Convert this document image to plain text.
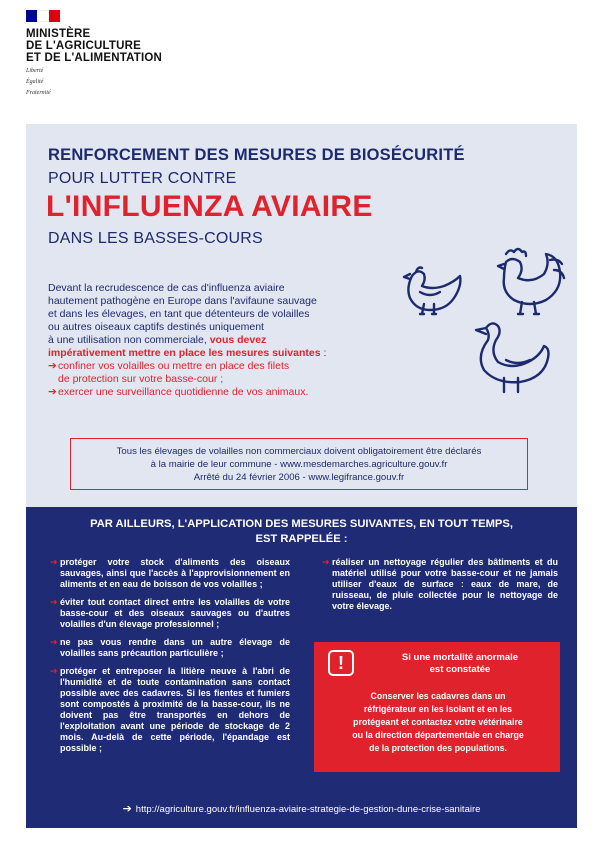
MINISTÈRE
DE L'AGRICULTURE
ET DE L'ALIMENTATION
Liberté
Égalité
Fraternité
RENFORCEMENT DES MESURES DE BIOSÉCURITÉ
POUR LUTTER CONTRE
L'INFLUENZA AVIAIRE
DANS LES BASSES-COURS
Devant la recrudescence de cas d'influenza aviaire
hautement pathogène en Europe dans l'avifaune sauvage
et dans les élevages, en tant que détenteurs de volailles
ou autres oiseaux captifs destinés uniquement
à une utilisation non commerciale, vous devez
impérativement mettre en place les mesures suivantes :
➔confiner vos volailles ou mettre en place des filets
de protection sur votre basse-cour ;
➔exercer une surveillance quotidienne de vos animaux.
Tous les élevages de volailles non commerciaux doivent obligatoirement être déclarés
à la mairie de leur commune - www.mesdemarches.agriculture.gouv.fr
Arrêté du 24 février 2006 - www.legifrance.gouv.fr
PAR AILLEURS, L'APPLICATION DES MESURES SUIVANTES, EN TOUT TEMPS,
EST RAPPELÉE :
➔ protéger votre stock d'aliments des oiseaux sauvages, ainsi que l'accès à l'approvisionnement en aliments et en eau de boisson de vos volailles ;
➔ éviter tout contact direct entre les volailles de votre basse-cour et des oiseaux sauvages ou d'autres volailles d'un élevage professionnel ;
➔ ne pas vous rendre dans un autre élevage de volailles sans précaution particulière ;
➔ protéger et entreposer la litière neuve à l'abri de l'humidité et de toute contamination sans contact possible avec des cadavres. Si les fientes et fumiers sont compostés à proximité de la basse-cour, ils ne doivent pas être transportés en dehors de l'exploitation avant une période de stockage de 2 mois. Au-delà de cette période, l'épandage est possible ;
➔ réaliser un nettoyage régulier des bâtiments et du matériel utilisé pour votre basse-cour et ne jamais utiliser d'eaux de surface : eaux de mare, de ruisseau, de pluie collectée pour le nettoyage de votre élevage.
!	Si une mortalité anormale
est constatée
Conserver les cadavres dans un
réfrigérateur en les isolant et en les
protégeant et contactez votre vétérinaire
ou la direction départementale en charge
de la protection des populations.
➔ http://agriculture.gouv.fr/influenza-aviaire-strategie-de-gestion-dune-crise-sanitaire
